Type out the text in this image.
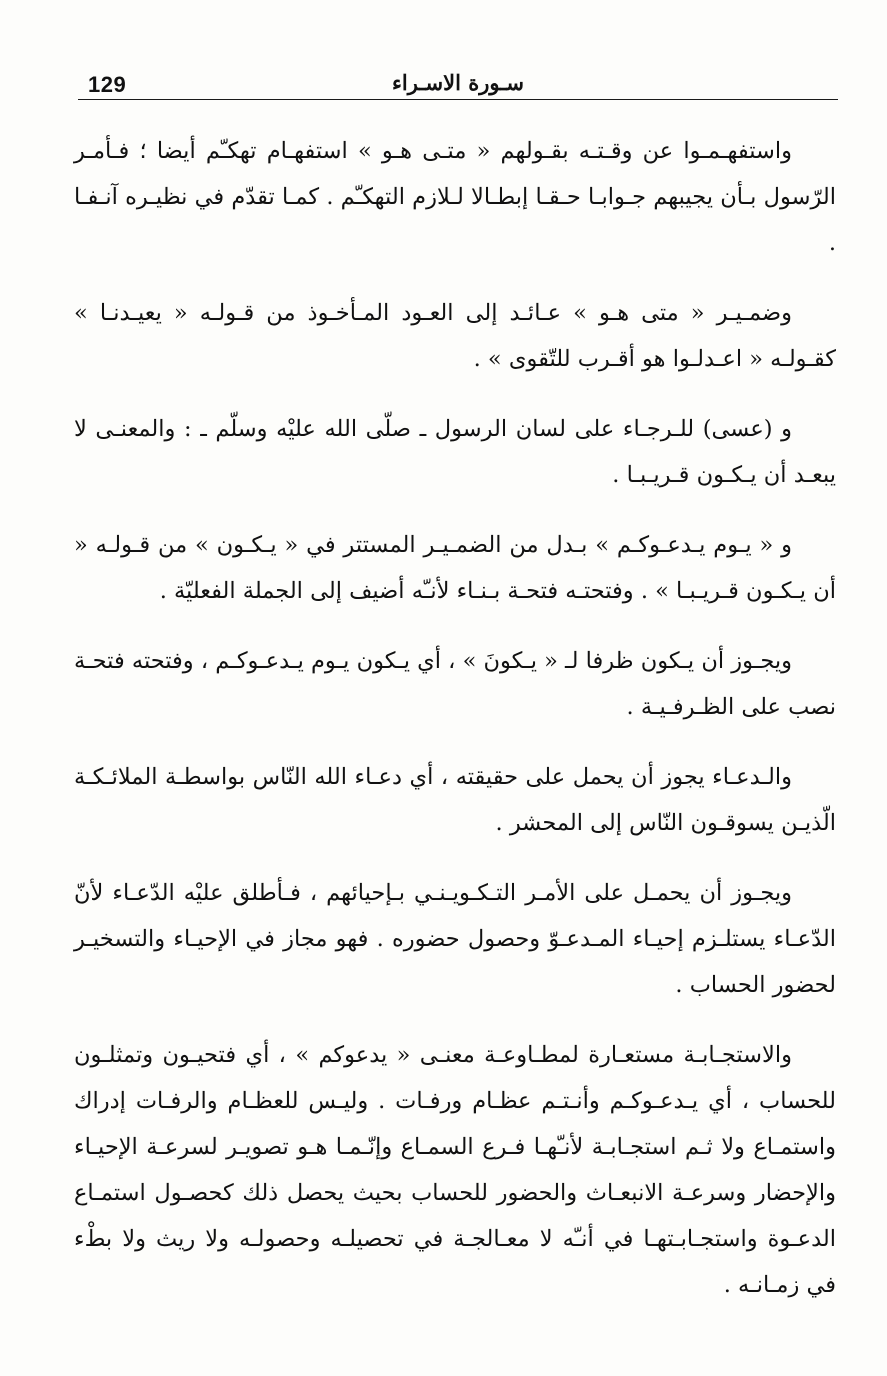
129	سـورة الاسـراء

واستفهـمـوا عن وقـتـه بقـولهم « متـى هـو » استفهـام تهكـّم أيضا ؛ فـأمـر الرّسول بـأن يجيبهم جـوابـا حـقـا إبطـالا لـلازم التهكـّم . كمـا تقدّم في نظيـره آنـفـا .

وضمـيـر « متى هـو » عـائـد إلى العـود المـأخـوذ من قـولـه « يعيـدنـا » كقـولـه « اعـدلـوا هو أقـرب للتّقوى » .

و (عسى) للـرجـاء على لسان الرسول ـ صلّى الله عليْه وسلّم ـ : والمعنـى لا يبعـد أن يـكـون قـريـبـا .

و « يـوم يـدعـوكـم » بـدل من الضمـيـر المستتر في « يـكـون » من قـولـه « أن يـكـون قـريـبـا » . وفتحتـه فتحـة بـنـاء لأنـّه أضيف إلى الجملة الفعليّة .

ويجـوز أن يـكون ظرفا لـ « يـكونَ » ، أي يـكون يـوم يـدعـوكـم ، وفتحته فتحـة نصب على الظـرفـيـة .

والـدعـاء يجوز أن يحمل على حقيقته ، أي دعـاء الله النّاس بواسطـة الملائـكـة الّذيـن يسوقـون النّاس إلى المحشر .

ويجـوز أن يحمـل على الأمـر التـكـويـنـي بـإحيائهم ، فـأطلق عليْه الدّعـاء لأنّ الدّعـاء يستلـزم إحيـاء المـدعـوّ وحصول حضوره . فهو مجاز في الإحيـاء والتسخيـر لحضور الحساب .

والاستجـابـة مستعـارة لمطـاوعـة معنـى « يدعوكم » ، أي فتحيـون وتمثلـون للحساب ، أي يـدعـوكـم وأنـتـم عظـام ورفـات . وليـس للعظـام والرفـات إدراك واستمـاع ولا ثـم استجـابـة لأنـّهـا فـرع السمـاع وإنّـمـا هـو تصويـر لسرعـة الإحيـاء والإحضار وسرعـة الانبعـاث والحضور للحساب بحيث يحصل ذلك كحصـول استمـاع الدعـوة واستجـابـتهـا في أنـّه لا معـالجـة في تحصيلـه وحصولـه ولا ريث ولا بطْء في زمـانـه .
